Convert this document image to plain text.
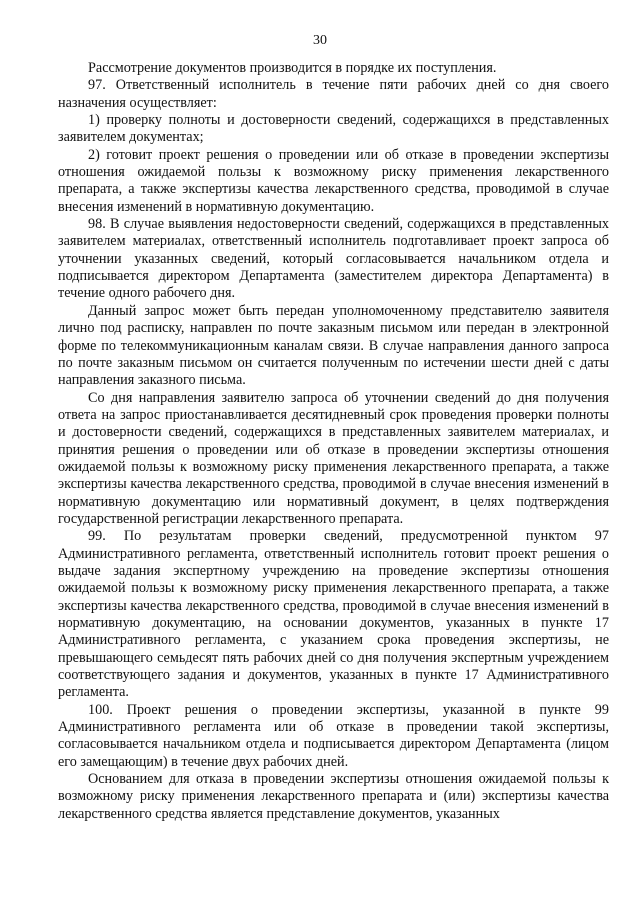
30

Рассмотрение документов производится в порядке их поступления.

97. Ответственный исполнитель в течение пяти рабочих дней со дня своего назначения осуществляет:

1) проверку полноты и достоверности сведений, содержащихся в представленных заявителем документах;

2) готовит проект решения о проведении или об отказе в проведении экспертизы отношения ожидаемой пользы к возможному риску применения лекарственного препарата, а также экспертизы качества лекарственного средства, проводимой в случае внесения изменений в нормативную документацию.

98. В случае выявления недостоверности сведений, содержащихся в представленных заявителем материалах, ответственный исполнитель подготавливает проект запроса об уточнении указанных сведений, который согласовывается начальником отдела и подписывается директором Департамента (заместителем директора Департамента) в течение одного рабочего дня.

Данный запрос может быть передан уполномоченному представителю заявителя лично под расписку, направлен по почте заказным письмом или передан в электронной форме по телекоммуникационным каналам связи. В случае направления данного запроса по почте заказным письмом он считается полученным по истечении шести дней с даты направления заказного письма.

Со дня направления заявителю запроса об уточнении сведений до дня получения ответа на запрос приостанавливается десятидневный срок проведения проверки полноты и достоверности сведений, содержащихся в представленных заявителем материалах, и принятия решения о проведении или об отказе в проведении экспертизы отношения ожидаемой пользы к возможному риску применения лекарственного препарата, а также экспертизы качества лекарственного средства, проводимой в случае внесения изменений в нормативную документацию или нормативный документ, в целях подтверждения государственной регистрации лекарственного препарата.

99. По результатам проверки сведений, предусмотренной пунктом 97 Административного регламента, ответственный исполнитель готовит проект решения о выдаче задания экспертному учреждению на проведение экспертизы отношения ожидаемой пользы к возможному риску применения лекарственного препарата, а также экспертизы качества лекарственного средства, проводимой в случае внесения изменений в нормативную документацию, на основании документов, указанных в пункте 17 Административного регламента, с указанием срока проведения экспертизы, не превышающего семьдесят пять рабочих дней со дня получения экспертным учреждением соответствующего задания и документов, указанных в пункте 17 Административного регламента.

100. Проект решения о проведении экспертизы, указанной в пункте 99 Административного регламента или об отказе в проведении такой экспертизы, согласовывается начальником отдела и подписывается директором Департамента (лицом его замещающим) в течение двух рабочих дней.

Основанием для отказа в проведении экспертизы отношения ожидаемой пользы к возможному риску применения лекарственного препарата и (или) экспертизы качества лекарственного средства является представление документов, указанных
